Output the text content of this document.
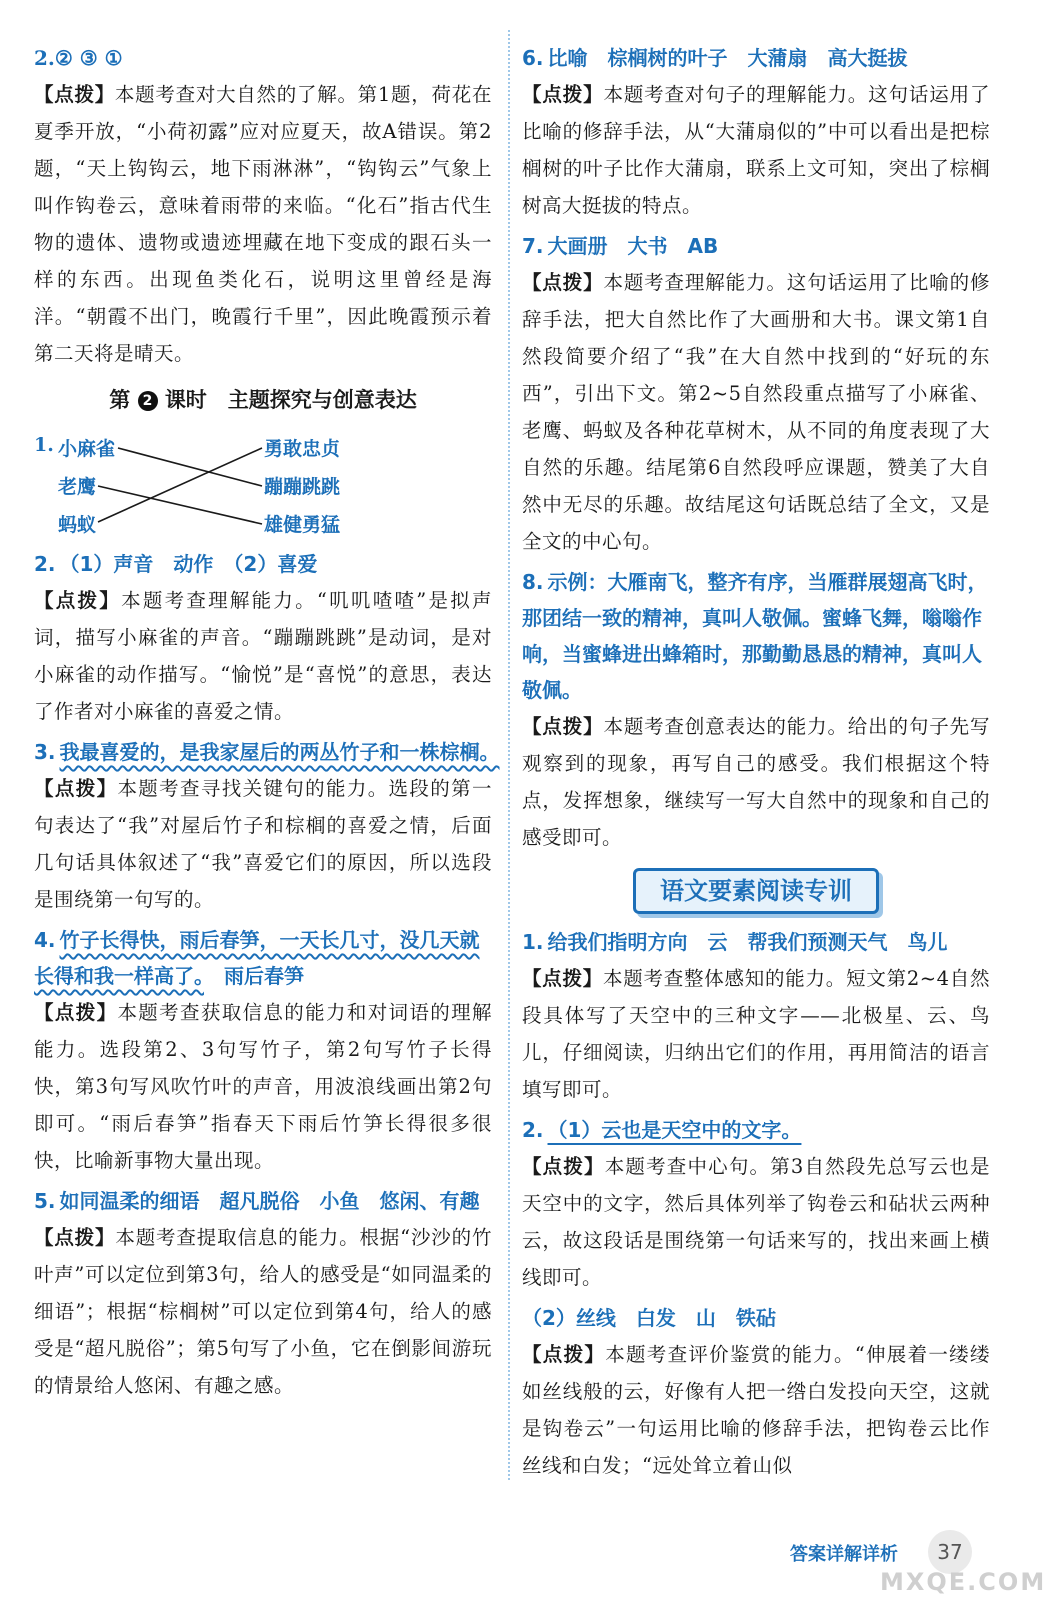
2.② ③ ①

【点拨】本题考查对大自然的了解。第1题，荷花在夏季开放，“小荷初露”应对应夏天，故A错误。第2题，“天上钩钩云，地下雨淋淋”，“钩钩云”气象上叫作钩卷云，意味着雨带的来临。“化石”指古代生物的遗体、遗物或遗迹埋藏在地下变成的跟石头一样的东西。出现鱼类化石，说明这里曾经是海洋。“朝霞不出门，晚霞行千里”，因此晚霞预示着第二天将是晴天。

第 2 课时　主题探究与创意表达
1. 小麻雀
老鹰
蚂蚁
勇敢忠贞
蹦蹦跳跳
雄健勇猛

2. （1）声音　动作　（2）喜爱

【点拨】本题考查理解能力。“叽叽喳喳”是拟声词，描写小麻雀的声音。“蹦蹦跳跳”是动词，是对小麻雀的动作描写。“愉悦”是“喜悦”的意思，表达了作者对小麻雀的喜爱之情。

3. 我最喜爱的，是我家屋后的两丛竹子和一株棕榈。

【点拨】本题考查寻找关键句的能力。选段的第一句表达了“我”对屋后竹子和棕榈的喜爱之情，后面几句话具体叙述了“我”喜爱它们的原因，所以选段是围绕第一句写的。

4. 竹子长得快，雨后春笋，一天长几寸，没几天就长得和我一样高了。　 雨后春笋

【点拨】本题考查获取信息的能力和对词语的理解能力。选段第2、3句写竹子，第2句写竹子长得快，第3句写风吹竹叶的声音，用波浪线画出第2句即可。“雨后春笋”指春天下雨后竹笋长得很多很快，比喻新事物大量出现。

5. 如同温柔的细语　超凡脱俗　小鱼　悠闲、有趣

【点拨】本题考查提取信息的能力。根据“沙沙的竹叶声”可以定位到第3句，给人的感受是“如同温柔的细语”；根据“棕榈树”可以定位到第4句，给人的感受是“超凡脱俗”；第5句写了小鱼，它在倒影间游玩的情景给人悠闲、有趣之感。

6. 比喻　棕榈树的叶子　大蒲扇　高大挺拔

【点拨】本题考查对句子的理解能力。这句话运用了比喻的修辞手法，从“大蒲扇似的”中可以看出是把棕榈树的叶子比作大蒲扇，联系上文可知，突出了棕榈树高大挺拔的特点。

7. 大画册　大书　AB

【点拨】本题考查理解能力。这句话运用了比喻的修辞手法，把大自然比作了大画册和大书。课文第1自然段简要介绍了“我”在大自然中找到的“好玩的东西”，引出下文。第2~5自然段重点描写了小麻雀、老鹰、蚂蚁及各种花草树木，从不同的角度表现了大自然的乐趣。结尾第6自然段呼应课题，赞美了大自然中无尽的乐趣。故结尾这句话既总结了全文，又是全文的中心句。

8. 示例：大雁南飞，整齐有序，当雁群展翅高飞时，那团结一致的精神，真叫人敬佩。蜜蜂飞舞，嗡嗡作响，当蜜蜂进出蜂箱时，那勤勤恳恳的精神，真叫人敬佩。

【点拨】本题考查创意表达的能力。给出的句子先写观察到的现象，再写自己的感受。我们根据这个特点，发挥想象，继续写一写大自然中的现象和自己的感受即可。

语文要素阅读专训

1. 给我们指明方向　云　帮我们预测天气　鸟儿

【点拨】本题考查整体感知的能力。短文第2~4自然段具体写了天空中的三种文字——北极星、云、鸟儿，仔细阅读，归纳出它们的作用，再用简洁的语言填写即可。

2. （1）云也是天空中的文字。

【点拨】本题考查中心句。第3自然段先总写云也是天空中的文字，然后具体列举了钩卷云和砧状云两种云，故这段话是围绕第一句话来写的，找出来画上横线即可。

（2）丝线　白发　山　铁砧

【点拨】本题考查评价鉴赏的能力。“伸展着一缕缕如丝线般的云，好像有人把一绺白发投向天空，这就是钩卷云”一句运用比喻的修辞手法，把钩卷云比作丝线和白发；“远处耸立着山似

答案详解详析	37
MXQE.COM
